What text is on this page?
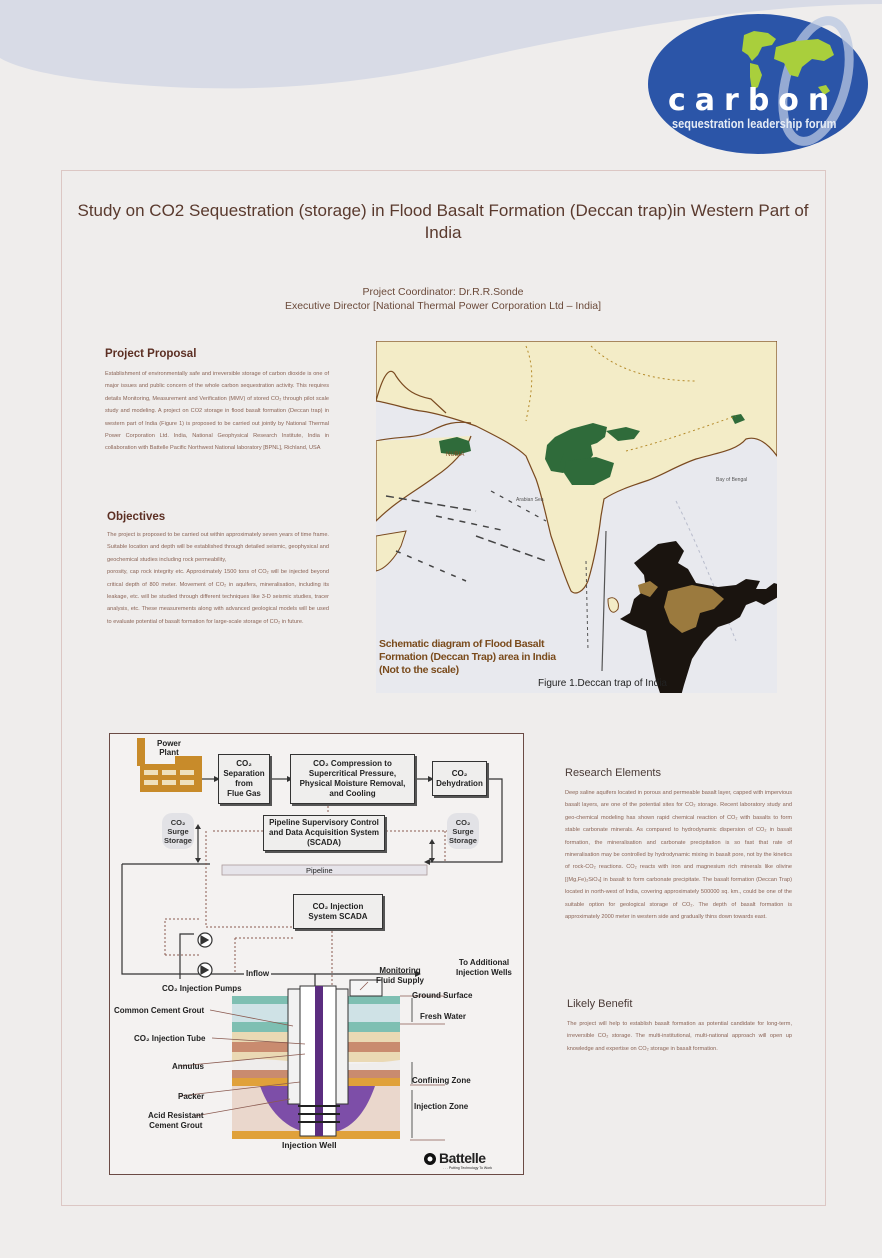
carbon
sequestration leadership forum
Study on CO2 Sequestration (storage) in Flood Basalt Formation (Deccan trap)in Western Part of India
Project Coordinator: Dr.R.R.Sonde
Executive Director [National Thermal Power Corporation Ltd – India]
Project Proposal

Establishment of environmentally safe and irreversible storage of carbon dioxide is one of major issues and public concern of the whole carbon sequestration activity. This requires details Monitoring, Measurement and Verification (MMV) of stored CO₂ through pilot scale study and modeling. A project on CO2 storage in flood basalt formation (Deccan trap) in western part of India (Figure 1) is proposed to be carried out jointly by National Thermal Power Corporation Ltd. India, National Geophysical Research Institute, India in collaboration with Battelle Pacific Northwest National laboratory [BPNL], Richland, USA

Objectives

The project is proposed to be carried out within approximately seven years of time frame. Suitable location and depth will be established through detailed seismic, geophysical and geochemical studies including rock permeability,

porosity, cap rock integrity etc. Approximately 1500 tons of CO₂ will be injected beyond critical depth of 800 meter. Movement of CO₂ in aquifers, mineralisation, including its leakage, etc. will be studied through different techniques like 3-D seismic studies, tracer analysis, etc. These measurements along with advanced geological models will be used to evaluate potential of basalt formation for large-scale storage of CO₂ in future.

NUBIA
Arabian Sea
Bay of Bengal
Schematic diagram of Flood Basalt
Formation (Deccan Trap) area in India
(Not to the scale)
Figure 1.Deccan trap of India
Power Plant
CO₂
Separation
from
Flue Gas
CO₂ Compression to
Supercritical Pressure,
Physical Moisture Removal,
and Cooling
CO₂
Dehydration
CO₂
Surge
Storage
CO₂
Surge
Storage
Pipeline Supervisory Control
and Data Acquisition System
(SCADA)
Pipeline
CO₂ Injection
System SCADA
Inflow
To Additional
Injection Wells
CO₂ Injection Pumps
Monitoring
Fluid Supply
Ground Surface
Fresh Water
Confining Zone
Injection Zone
Common Cement Grout
CO₂ Injection Tube
Annulus
Packer
Acid Resistant
Cement Grout
Injection Well
Battelle
. . . Putting Technology To Work
Research Elements

Deep saline aquifers located in porous and permeable basalt layer, capped with impervious basalt layers, are one of the potential sites for CO₂ storage. Recent laboratory study and geo-chemical modeling has shown rapid chemical reaction of CO₂ with basalts to form stable carbonate minerals. As compared to hydrodynamic dispersion of CO₂ in basalt formation, the mineralisation and carbonate precipitation is so fast that rate of mineralisation may be controlled by hydrodynamic mixing in basalt pore, not by the kinetics of rock-CO₂ reactions. CO₂ reacts with iron and magnesium rich minerals like olivine [(Mg,Fe)₂SiO₄] in basalt to form carbonate precipitate. The basalt formation (Deccan Trap) located in north-west of India, covering approximately 500000 sq. km., could be one of the suitable option for geological storage of CO₂. The depth of basalt formation is approximately 2000 meter in western side and gradually thins down towards east.

Likely Benefit

The project will help to establish basalt formation as potential candidate for long-term, irreversible CO₂ storage. The multi-institutional, multi-national approach will open up knowledge and expertise on CO₂ storage in basalt formation.
